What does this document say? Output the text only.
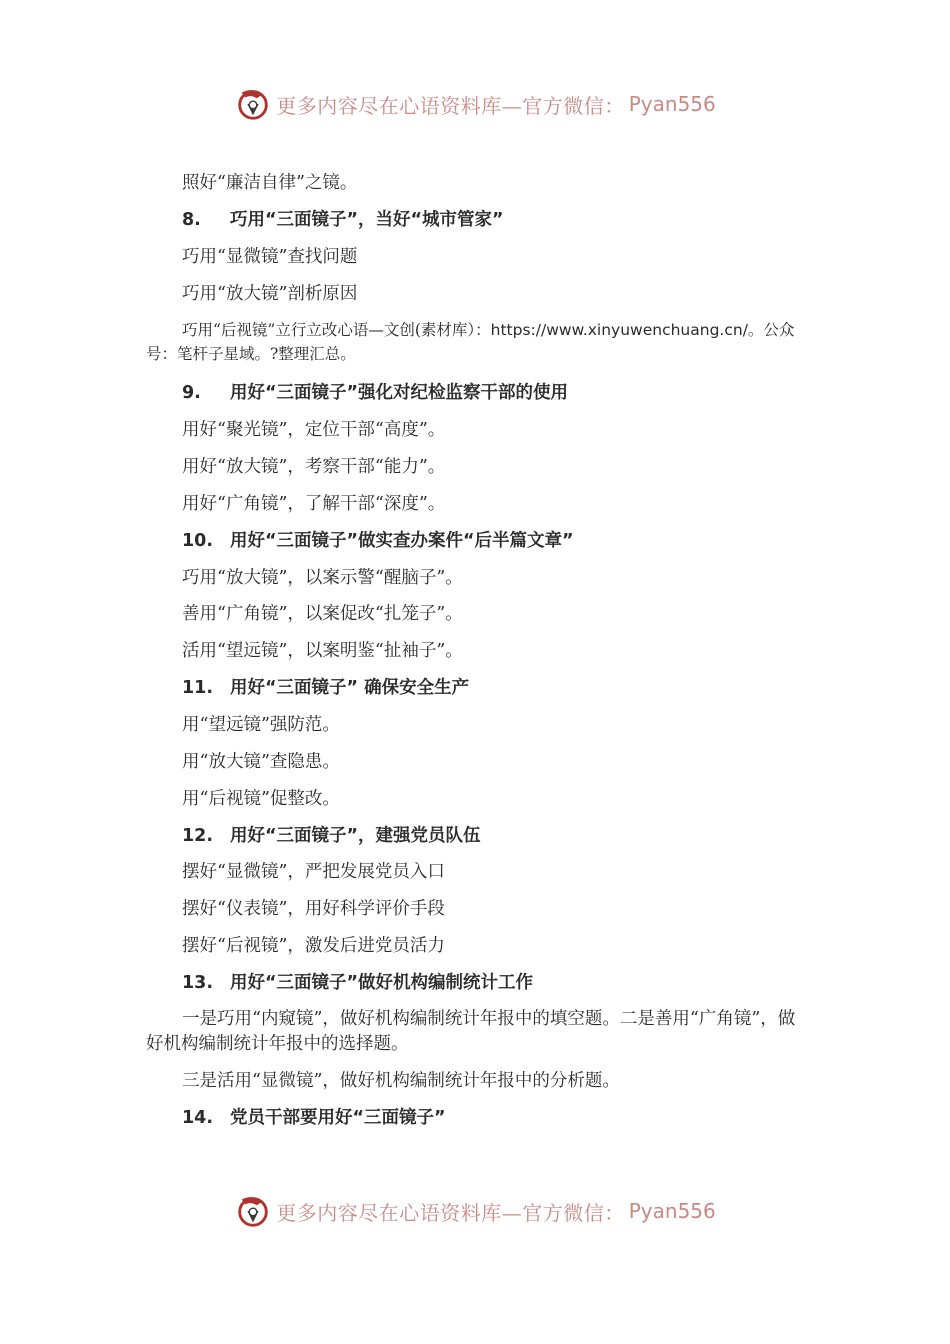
更多内容尽在心语资料库—官方微信： Pyan556
照好“廉洁自律”之镜。
8. 巧用“三面镜子”，当好“城市管家”
巧用“显微镜”查找问题
巧用“放大镜”剖析原因
巧用“后视镜”立行立改心语—文创(素材库）：https://www.xinyuwenchuang.cn/。公众号：笔杆子星域。?整理汇总。
9. 用好“三面镜子”强化对纪检监察干部的使用
用好“聚光镜”，定位干部“高度”。
用好“放大镜”，考察干部“能力”。
用好“广角镜”，了解干部“深度”。
10. 用好“三面镜子”做实查办案件“后半篇文章”
巧用“放大镜”，以案示警“醒脑子”。
善用“广角镜”，以案促改“扎笼子”。
活用“望远镜”，以案明鉴“扯袖子”。
11. 用好“三面镜子” 确保安全生产
用“望远镜”强防范。
用“放大镜”查隐患。
用“后视镜”促整改。
12. 用好“三面镜子”，建强党员队伍
摆好“显微镜”，严把发展党员入口
摆好“仪表镜”，用好科学评价手段
摆好“后视镜”，激发后进党员活力
13. 用好“三面镜子”做好机构编制统计工作
一是巧用“内窥镜”，做好机构编制统计年报中的填空题。二是善用“广角镜”，做好机构编制统计年报中的选择题。
三是活用“显微镜”，做好机构编制统计年报中的分析题。
14. 党员干部要用好“三面镜子”
更多内容尽在心语资料库—官方微信： Pyan556
